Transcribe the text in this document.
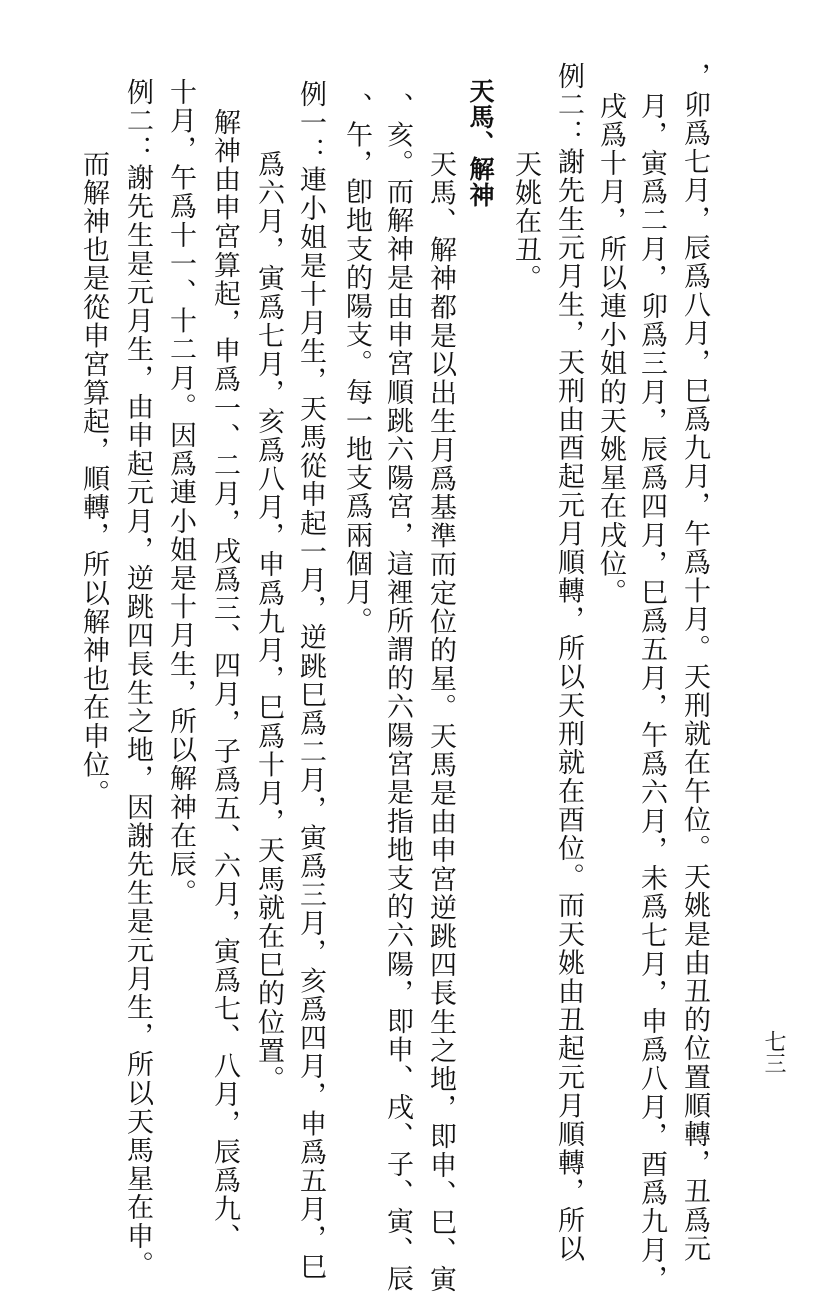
，卯爲七月，辰爲八月，巳爲九月，午爲十月。天刑就在午位。天姚是由丑的位置順轉，丑爲元
月，寅爲二月，卯爲三月，辰爲四月，巳爲五月，午爲六月，未爲七月，申爲八月，酉爲九月，
戌爲十月，所以連小姐的天姚星在戌位。
例二：謝先生元月生，天刑由酉起元月順轉，所以天刑就在酉位。而天姚由丑起元月順轉，所以
天姚在丑。
天馬、解神
天馬、解神都是以出生月爲基準而定位的星。天馬是由申宮逆跳四長生之地，即申、巳、寅
、亥。而解神是由申宮順跳六陽宮，這裡所謂的六陽宮是指地支的六陽，即申、戌、子、寅、辰
、午，卽地支的陽支。每一地支爲兩個月。
例一：連小姐是十月生，天馬從申起一月，逆跳巳爲二月，寅爲三月，亥爲四月，申爲五月，巳
爲六月，寅爲七月，亥爲八月，申爲九月，巳爲十月，天馬就在巳的位置。
解神由申宮算起，申爲一、二月，戌爲三、四月，子爲五、六月，寅爲七、八月，辰爲九、
十月，午爲十一、十二月。因爲連小姐是十月生，所以解神在辰。
例二：謝先生是元月生，由申起元月，逆跳四長生之地，因謝先生是元月生，所以天馬星在申。
而解神也是從申宮算起，順轉，所以解神也在申位。
七三
